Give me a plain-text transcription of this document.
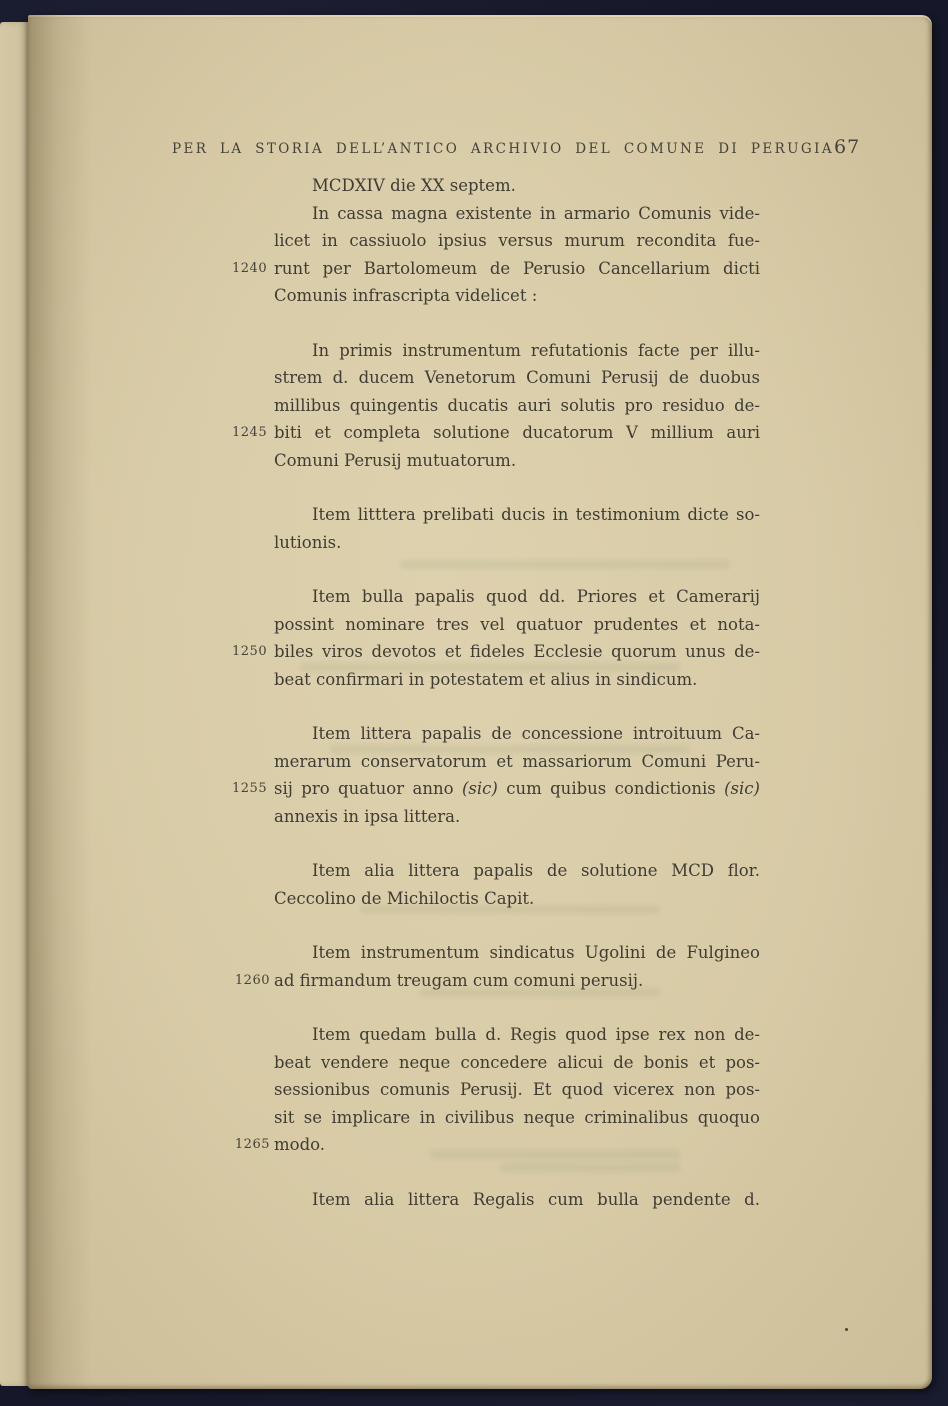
PER LA STORIA DELL’ANTICO ARCHIVIO DEL COMUNE DI PERUGIA 67
MCDXIV die XX septem.
In cassa magna existente in armario Comunis vide-
licet in cassiuolo ipsius versus murum recondita fue-
1240 runt per Bartolomeum de Perusio Cancellarium dicti
Comunis infrascripta videlicet :
In primis instrumentum refutationis facte per illu-
strem d. ducem Venetorum Comuni Perusij de duobus
millibus quingentis ducatis auri solutis pro residuo de-
1245 biti et completa solutione ducatorum V millium auri
Comuni Perusij mutuatorum.
Item litttera prelibati ducis in testimonium dicte so-
lutionis.
Item bulla papalis quod dd. Priores et Camerarij
possint nominare tres vel quatuor prudentes et nota-
1250 biles viros devotos et fideles Ecclesie quorum unus de-
beat confirmari in potestatem et alius in sindicum.
Item littera papalis de concessione introituum Ca-
merarum conservatorum et massariorum Comuni Peru-
1255 sij pro quatuor anno (sic) cum quibus condictionis (sic)
annexis in ipsa littera.
Item alia littera papalis de solutione MCD flor.
Ceccolino de Michiloctis Capit.
Item instrumentum sindicatus Ugolini de Fulgineo
1260 ad firmandum treugam cum comuni perusij.
Item quedam bulla d. Regis quod ipse rex non de-
beat vendere neque concedere alicui de bonis et pos-
sessionibus comunis Perusij. Et quod vicerex non pos-
sit se implicare in civilibus neque criminalibus quoquo
1265 modo.
Item alia littera Regalis cum bulla pendente d.
